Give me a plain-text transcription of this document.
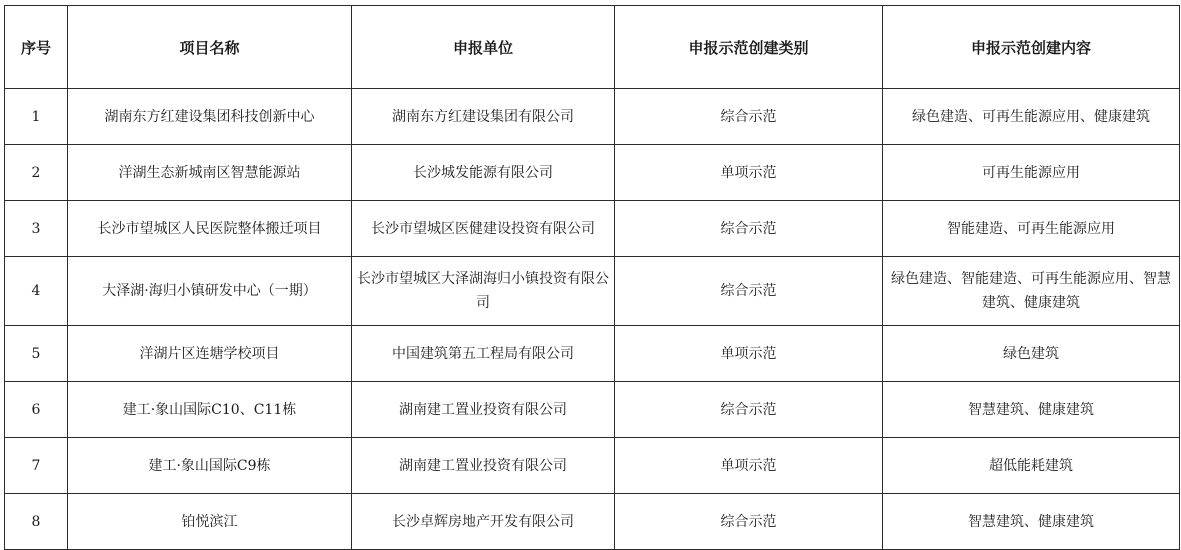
序号	项目名称	申报单位	申报示范创建类别	申报示范创建内容
1	湖南东方红建设集团科技创新中心	湖南东方红建设集团有限公司	综合示范	绿色建造、可再生能源应用、健康建筑
2	洋湖生态新城南区智慧能源站	长沙城发能源有限公司	单项示范	可再生能源应用
3	长沙市望城区人民医院整体搬迁项目	长沙市望城区医健建设投资有限公司	综合示范	智能建造、可再生能源应用
4	大泽湖·海归小镇研发中心（一期）	长沙市望城区大泽湖海归小镇投资有限公司	综合示范	绿色建造、智能建造、可再生能源应用、智慧建筑、健康建筑
5	洋湖片区连塘学校项目	中国建筑第五工程局有限公司	单项示范	绿色建筑
6	建工·象山国际C10、C11栋	湖南建工置业投资有限公司	综合示范	智慧建筑、健康建筑
7	建工·象山国际C9栋	湖南建工置业投资有限公司	单项示范	超低能耗建筑
8	铂悦滨江	长沙卓辉房地产开发有限公司	综合示范	智慧建筑、健康建筑
